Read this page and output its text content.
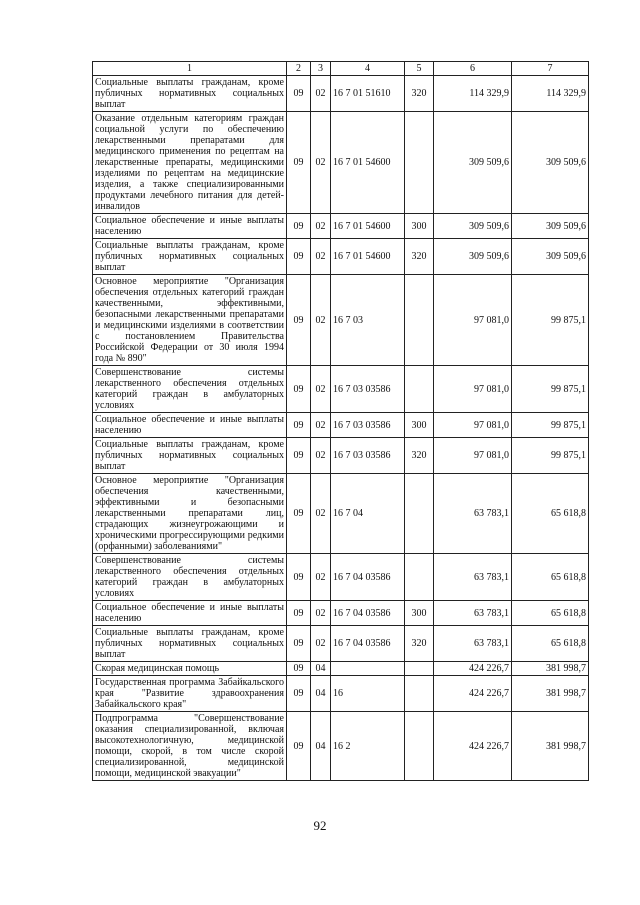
1	2	3	4	5	6	7
Социальные выплаты гражданам, кроме публичных нормативных социальных выплат	09	02	16 7 01 51610	320	114 329,9	114 329,9
Оказание отдельным категориям граждан социальной услуги по обеспечению лекарственными препаратами для медицинского применения по рецептам на лекарственные препараты, медицинскими изделиями по рецептам на медицинские изделия, а также специализированными продуктами лечебного питания для детей-инвалидов	09	02	16 7 01 54600		309 509,6	309 509,6
Социальное обеспечение и иные выплаты населению	09	02	16 7 01 54600	300	309 509,6	309 509,6
Социальные выплаты гражданам, кроме публичных нормативных социальных выплат	09	02	16 7 01 54600	320	309 509,6	309 509,6
Основное мероприятие "Организация обеспечения отдельных категорий граждан качественными, эффективными, безопасными лекарственными препаратами и медицинскими изделиями в соответствии с постановлением Правительства Российской Федерации от 30 июля 1994 года № 890"	09	02	16 7 03		97 081,0	99 875,1
Совершенствование системы лекарственного обеспечения отдельных категорий граждан в амбулаторных условиях	09	02	16 7 03 03586		97 081,0	99 875,1
Социальное обеспечение и иные выплаты населению	09	02	16 7 03 03586	300	97 081,0	99 875,1
Социальные выплаты гражданам, кроме публичных нормативных социальных выплат	09	02	16 7 03 03586	320	97 081,0	99 875,1
Основное мероприятие "Организация обеспечения качественными, эффективными и безопасными лекарственными препаратами лиц, страдающих жизнеугрожающими и хроническими прогрессирующими редкими (орфанными) заболеваниями"	09	02	16 7 04		63 783,1	65 618,8
Совершенствование системы лекарственного обеспечения отдельных категорий граждан в амбулаторных условиях	09	02	16 7 04 03586		63 783,1	65 618,8
Социальное обеспечение и иные выплаты населению	09	02	16 7 04 03586	300	63 783,1	65 618,8
Социальные выплаты гражданам, кроме публичных нормативных социальных выплат	09	02	16 7 04 03586	320	63 783,1	65 618,8
Скорая медицинская помощь	09	04			424 226,7	381 998,7
Государственная программа Забайкальского края "Развитие здравоохранения Забайкальского края"	09	04	16		424 226,7	381 998,7
Подпрограмма "Совершенствование оказания специализированной, включая высокотехнологичную, медицинской помощи, скорой, в том числе скорой специализированной, медицинской помощи, медицинской эвакуации"	09	04	16 2		424 226,7	381 998,7
92
